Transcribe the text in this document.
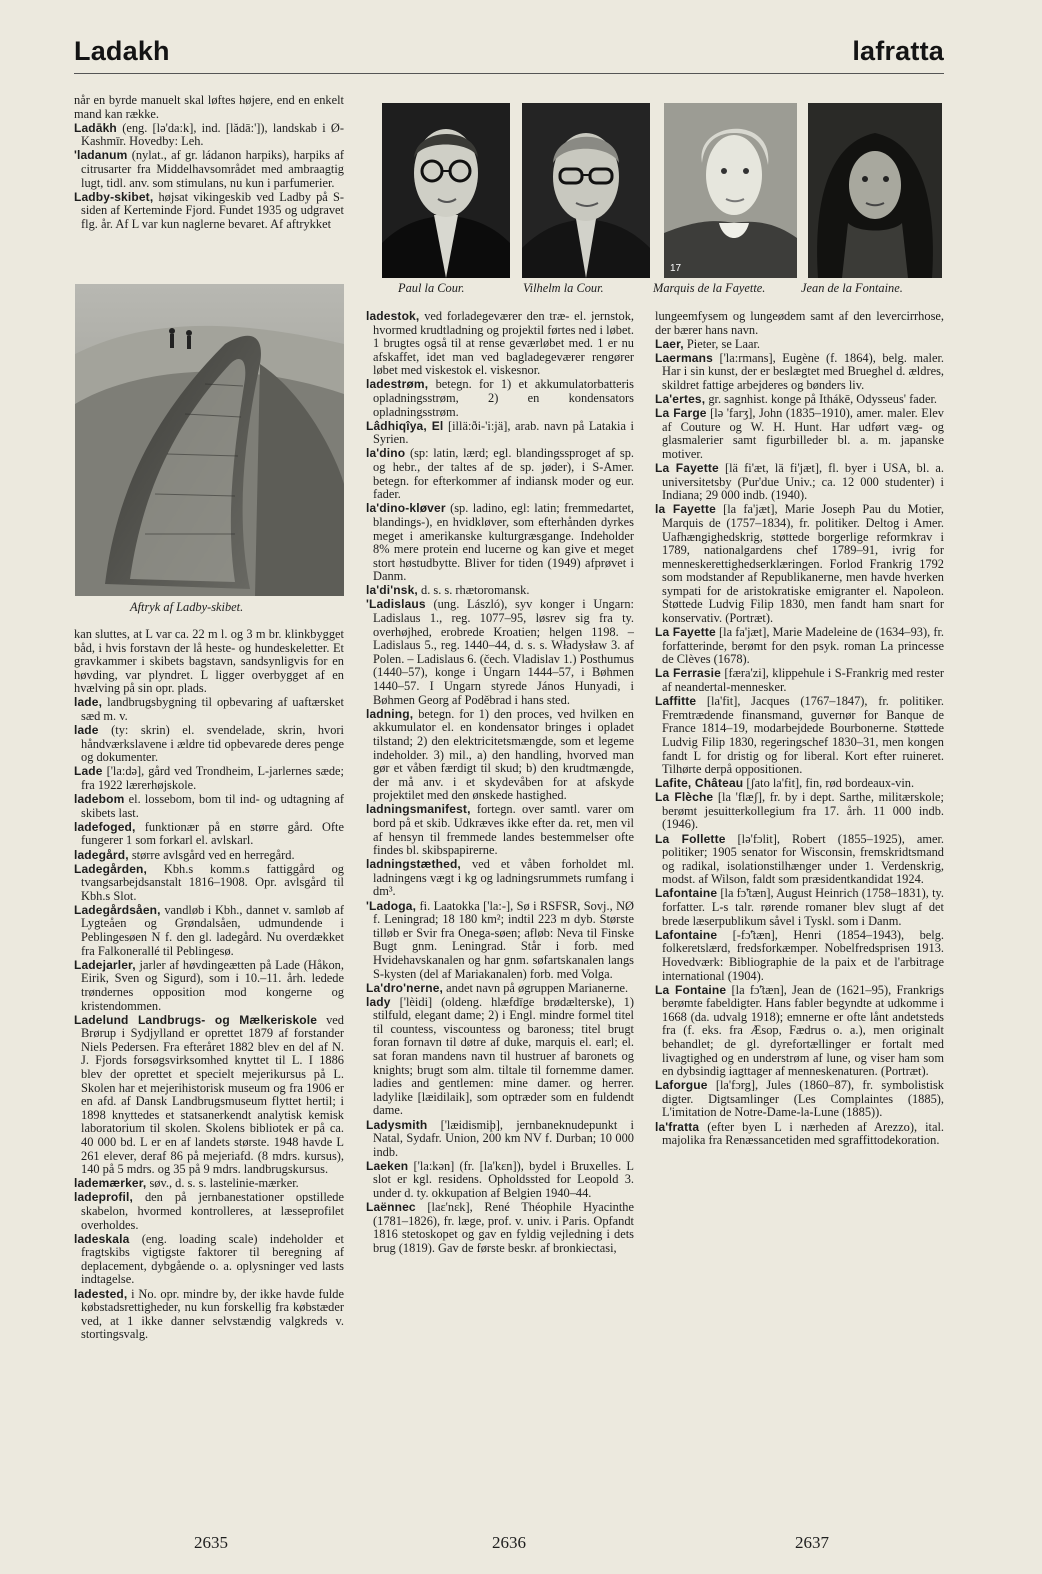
Ladakh	lafratta

når en byrde manuelt skal løftes højere, end en enkelt mand kan række.

Ladākh (eng. [lə'da:k], ind. [lădā:']), landskab i Ø-Kashmīr. Hovedby: Leh.

'ladanum (nylat., af gr. ládanon harpiks), harpiks af citrusarter fra Middelhavsområdet med ambraagtig lugt, tidl. anv. som stimulans, nu kun i parfumerier.

Ladby-skibet, højsat vikingeskib ved Ladby på S-siden af Kerteminde Fjord. Fundet 1935 og udgravet flg. år. Af L var kun naglerne bevaret. Af aftrykket

Aftryk af Ladby-skibet.

kan sluttes, at L var ca. 22 m l. og 3 m br. klinkbygget båd, i hvis forstavn der lå heste- og hundeskeletter. Et gravkammer i skibets bagstavn, sandsynligvis for en høvding, var plyndret. L ligger overbygget af en hvælving på sin opr. plads.

lade, landbrugsbygning til opbevaring af uaftærsket sæd m. v.

lade (ty: skrin) el. svendelade, skrin, hvori håndværkslavene i ældre tid opbevarede deres penge og dokumenter.

Lade ['la:də], gård ved Trondheim, L-jarlernes sæde; fra 1922 lærerhøjskole.

ladebom el. lossebom, bom til ind- og udtagning af skibets last.

ladefoged, funktionær på en større gård. Ofte fungerer 1 som forkarl el. avlskarl.

ladegård, større avlsgård ved en herregård.

Ladegården, Kbh.s komm.s fattiggård og tvangsarbejdsanstalt 1816–1908. Opr. avlsgård til Kbh.s Slot.

Ladegårdsåen, vandløb i Kbh., dannet v. samløb af Lygteåen og Grøndalsåen, udmundende i Peblingesøen N f. den gl. ladegård. Nu overdækket fra Falkonerallé til Peblingesø.

Ladejarler, jarler af høvdingeætten på Lade (Håkon, Eirik, Sven og Sigurd), som i 10.–11. årh. ledede trøndernes opposition mod kongerne og kristendommen.

Ladelund Landbrugs- og Mælkeriskole ved Brørup i Sydjylland er oprettet 1879 af forstander Niels Pedersen. Fra efteråret 1882 blev en del af N. J. Fjords forsøgsvirksomhed knyttet til L. I 1886 blev der oprettet et specielt mejerikursus på L. Skolen har et mejerihistorisk museum og fra 1906 er en afd. af Dansk Landbrugsmuseum flyttet hertil; i 1898 knyttedes et statsanerkendt analytisk kemisk laboratorium til skolen. Skolens bibliotek er på ca. 40 000 bd. L er en af landets største. 1948 havde L 261 elever, deraf 86 på mejeriafd. (8 mdrs. kursus), 140 på 5 mdrs. og 35 på 9 mdrs. landbrugskursus.

lademærker, søv., d. s. s. lastelinie-mærker.

ladeprofil, den på jernbanestationer opstillede skabelon, hvormed kontrolleres, at læsseprofilet overholdes.

ladeskala (eng. loading scale) indeholder et fragtskibs vigtigste faktorer til beregning af deplacement, dybgående o. a. oplysninger ved lasts indtagelse.

ladested, i No. opr. mindre by, der ikke havde fulde købstadsrettigheder, nu kun forskellig fra købstæder ved, at 1 ikke danner selvstændig valgkreds v. stortingsvalg.

17
Paul la Cour.	Vilhelm la Cour.	Marquis de la Fayette.	Jean de la Fontaine.

ladestok, ved forladegeværer den træ- el. jernstok, hvormed krudtladning og projektil førtes ned i løbet. 1 brugtes også til at rense geværløbet med. 1 er nu afskaffet, idet man ved bagladegeværer rengører løbet med viskestok el. viskesnor.

ladestrøm, betegn. for 1) et akkumulatorbatteris opladningsstrøm, 2) en kondensators opladningsstrøm.

Lâdhiqîya, El [illä:ði-'i:jä], arab. navn på Latakia i Syrien.

la'dino (sp: latin, lærd; egl. blandingssproget af sp. og hebr., der taltes af de sp. jøder), i S-Amer. betegn. for efterkommer af indiansk moder og eur. fader.

la'dino-kløver (sp. ladino, egl: latin; fremmedartet, blandings-), en hvidkløver, som efterhånden dyrkes meget i amerikanske kulturgræsgange. Indeholder 8% mere protein end lucerne og kan give et meget stort høstudbytte. Bliver for tiden (1949) afprøvet i Danm.

la'di'nsk, d. s. s. rhætoromansk.

'Ladislaus (ung. László), syv konger i Ungarn: Ladislaus 1., reg. 1077–95, løsrev sig fra ty. overhøjhed, erobrede Kroatien; helgen 1198. – Ladislaus 5., reg. 1440–44, d. s. s. Władysław 3. af Polen. – Ladislaus 6. (čech. Vladislav 1.) Posthumus (1440–57), konge i Ungarn 1444–57, i Bøhmen 1440–57. I Ungarn styrede János Hunyadi, i Bøhmen Georg af Poděbrad i hans sted.

ladning, betegn. for 1) den proces, ved hvilken en akkumulator el. en kondensator bringes i opladet tilstand; 2) den elektricitetsmængde, som et legeme indeholder. 3) mil., a) den handling, hvorved man gør et våben færdigt til skud; b) den krudtmængde, der må anv. i et skydevåben for at afskyde projektilet med den ønskede hastighed.

ladningsmanifest, fortegn. over samtl. varer om bord på et skib. Udkræves ikke efter da. ret, men vil af hensyn til fremmede landes bestemmelser ofte findes bl. skibspapirerne.

ladningstæthed, ved et våben forholdet ml. ladningens vægt i kg og ladningsrummets rumfang i dm³.

'Ladoga, fi. Laatokka ['la:-], Sø i RSFSR, Sovj., NØ f. Leningrad; 18 180 km²; indtil 223 m dyb. Største tilløb er Svir fra Onega-søen; afløb: Neva til Finske Bugt gnm. Leningrad. Står i forb. med Hvidehavskanalen og har gnm. søfartskanalen langs S-kysten (del af Mariakanalen) forb. med Volga.

La'dro'nerne, andet navn på øgruppen Marianerne.

lady ['lèidi] (oldeng. hlæfdīge brødælterske), 1) stilfuld, elegant dame; 2) i Engl. mindre formel titel til countess, viscountess og baroness; titel brugt foran fornavn til døtre af duke, marquis el. earl; el. sat foran mandens navn til hustruer af baronets og knights; brugt som alm. tiltale til fornemme damer. ladies and gentlemen: mine damer. og herrer. ladylike [læidilaik], som optræder som en fuldendt dame.

Ladysmith ['læidismiþ], jernbaneknudepunkt i Natal, Sydafr. Union, 200 km NV f. Durban; 10 000 indb.

Laeken ['la:kən] (fr. [la'kɛn]), bydel i Bruxelles. L slot er kgl. residens. Opholdssted for Leopold 3. under d. ty. okkupation af Belgien 1940–44.

Laënnec [laɛ'nɛk], René Théophile Hyacinthe (1781–1826), fr. læge, prof. v. univ. i Paris. Opfandt 1816 stetoskopet og gav en fyldig vejledning i dets brug (1819). Gav de første beskr. af bronkiectasi,

lungeemfysem og lungeødem samt af den levercirrhose, der bærer hans navn.

Laer, Pieter, se Laar.

Laermans ['la:rmans], Eugène (f. 1864), belg. maler. Har i sin kunst, der er beslægtet med Brueghel d. ældres, skildret fattige arbejderes og bønders liv.

La'ertes, gr. sagnhist. konge på Ithákē, Odysseus' fader.

La Farge [lə 'farʒ], John (1835–1910), amer. maler. Elev af Couture og W. H. Hunt. Har udført væg- og glasmalerier samt figurbilleder bl. a. m. japanske motiver.

La Fayette [lä fi'æt, lä fi'jæt], fl. byer i USA, bl. a. universitetsby (Pur'due Univ.; ca. 12 000 studenter) i Indiana; 29 000 indb. (1940).

la Fayette [la fa'jæt], Marie Joseph Pau du Motier, Marquis de (1757–1834), fr. politiker. Deltog i Amer. Uafhængighedskrig, støttede borgerlige reformkrav i 1789, nationalgardens chef 1789–91, ivrig for menneskerettighedserklæringen. Forlod Frankrig 1792 som modstander af Republikanerne, men havde hverken sympati for de aristokratiske emigranter el. Napoleon. Støttede Ludvig Filip 1830, men fandt ham snart for konservativ. (Portræt).

La Fayette [la fa'jæt], Marie Madeleine de (1634–93), fr. forfatterinde, berømt for den psyk. roman La princesse de Clèves (1678).

La Ferrasie [færa'zi], klippehule i S-Frankrig med rester af neandertal-mennesker.

Laffitte [la'fit], Jacques (1767–1847), fr. politiker. Fremtrædende finansmand, guvernør for Banque de France 1814–19, modarbejdede Bourbonerne. Støttede Ludvig Filip 1830, regeringschef 1830–31, men kongen fandt L for dristig og for liberal. Kort efter ruineret. Tilhørte derpå oppositionen.

Lafite, Château [ʃato la'fit], fin, rød bordeaux-vin.

La Flèche [la 'flæʃ], fr. by i dept. Sarthe, militærskole; berømt jesuitterkollegium fra 17. årh. 11 000 indb. (1946).

La Follette [lə'fɔlit], Robert (1855–1925), amer. politiker; 1905 senator for Wisconsin, fremskridtsmand og radikal, isolationstilhænger under 1. Verdenskrig, modst. af Wilson, faldt som præsidentkandidat 1924.

Lafontaine [la fɔ̃'tæn], August Heinrich (1758–1831), ty. forfatter. L-s talr. rørende romaner blev slugt af det brede læserpublikum såvel i Tyskl. som i Danm.

Lafontaine [-fɔ̃'tæn], Henri (1854–1943), belg. folkeretslærd, fredsforkæmper. Nobelfredsprisen 1913. Hovedværk: Bibliographie de la paix et de l'arbitrage international (1904).

La Fontaine [la fɔ̃'tæn], Jean de (1621–95), Frankrigs berømte fabeldigter. Hans fabler begyndte at udkomme i 1668 (da. udvalg 1918); emnerne er ofte lånt andetsteds fra (f. eks. fra Æsop, Fædrus o. a.), men originalt behandlet; de gl. dyrefortællinger er fortalt med livagtighed og en understrøm af lune, og viser ham som en dybsindig iagttager af menneskenaturen. (Portræt).

Laforgue [la'fɔrg], Jules (1860–87), fr. symbolistisk digter. Digtsamlinger (Les Complaintes (1885), L'imitation de Notre-Dame-la-Lune (1885)).

la'fratta (efter byen L i nærheden af Arezzo), ital. majolika fra Renæssancetiden med sgraffittodekoration.

2635	2636	2637
